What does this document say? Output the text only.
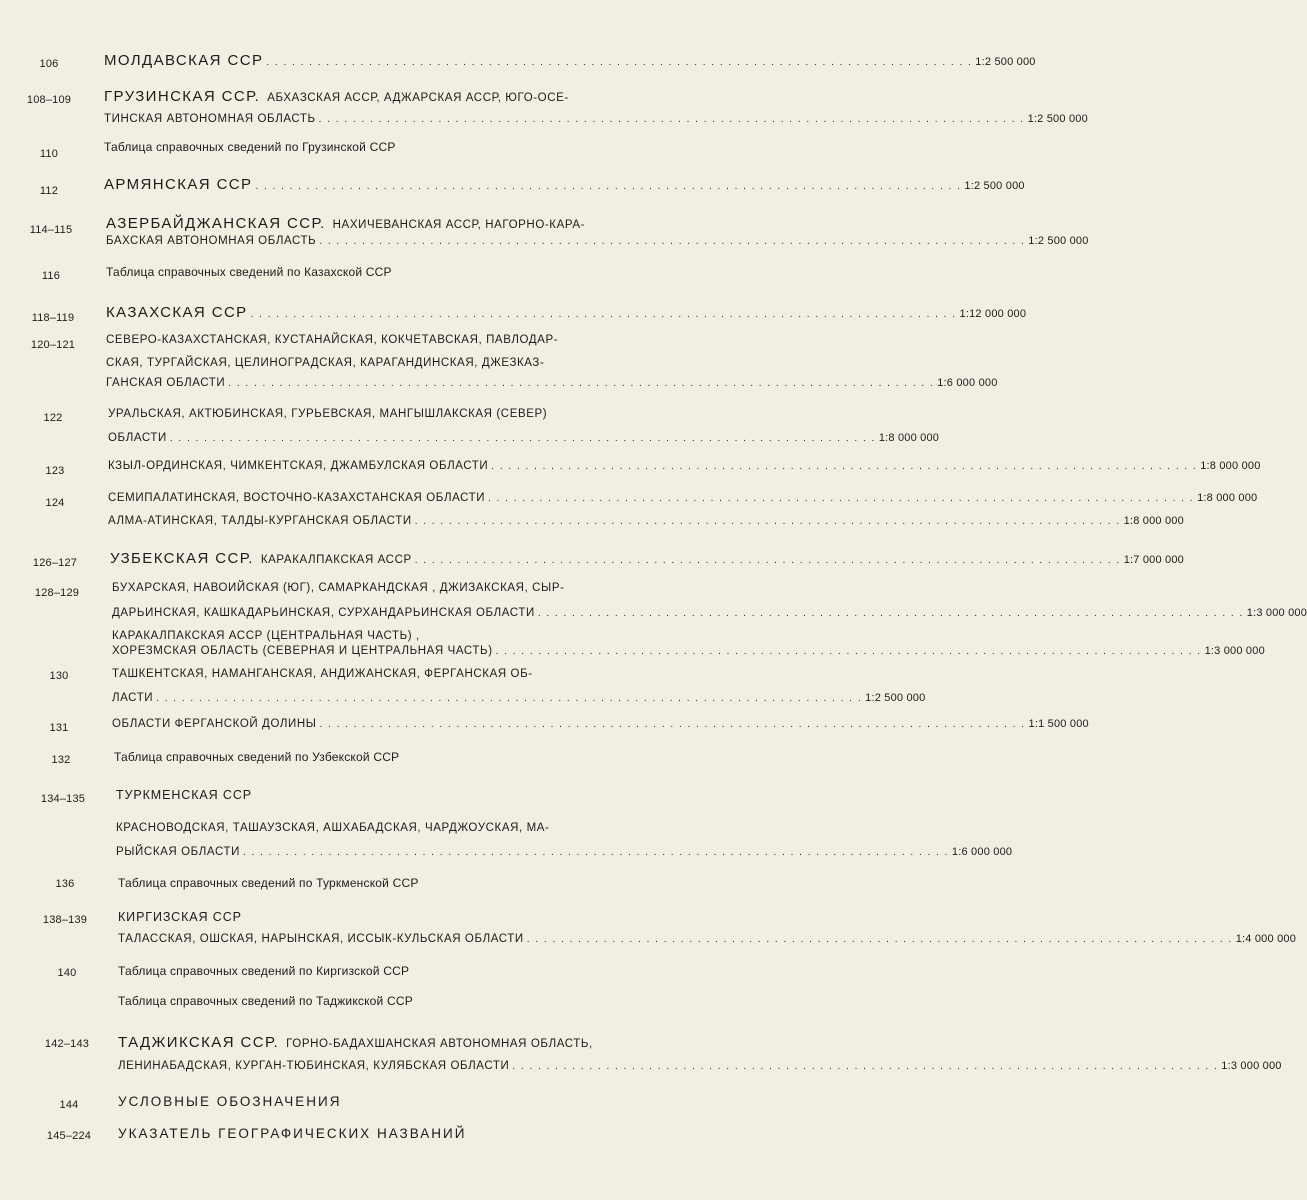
106	МОЛДАВСКАЯ ССР . . . . . . . . . . . . . . . . . . . . . . . . . . . . . . . . . . . . . . . . . . . . . . . . . . . . . . . . . . . . . . . . . . . . . . . . . . . . . . . . . . . 1:2 500 000
108–109	ГРУЗИНСКАЯ ССР. АБХАЗСКАЯ АССР, АДЖАРСКАЯ АССР, ЮГО-ОСЕ-
ТИНСКАЯ АВТОНОМНАЯ ОБЛАСТЬ . . . . . . . . . . . . . . . . . . . . . . . . . . . . . . . . . . . . . . . . . . . . . . . . . . . . . . . . . . . . . . . . . . . . . . . . . . . . . . . . . . . 1:2 500 000
110	Таблица справочных сведений по Грузинской ССР
112	АРМЯНСКАЯ ССР . . . . . . . . . . . . . . . . . . . . . . . . . . . . . . . . . . . . . . . . . . . . . . . . . . . . . . . . . . . . . . . . . . . . . . . . . . . . . . . . . . . 1:2 500 000
114–115	АЗЕРБАЙДЖАНСКАЯ ССР. НАХИЧЕВАНСКАЯ АССР, НАГОРНО-КАРА-
БАХСКАЯ АВТОНОМНАЯ ОБЛАСТЬ . . . . . . . . . . . . . . . . . . . . . . . . . . . . . . . . . . . . . . . . . . . . . . . . . . . . . . . . . . . . . . . . . . . . . . . . . . . . . . . . . . . 1:2 500 000
116	Таблица справочных сведений по Казахской ССР
118–119	КАЗАХСКАЯ ССР . . . . . . . . . . . . . . . . . . . . . . . . . . . . . . . . . . . . . . . . . . . . . . . . . . . . . . . . . . . . . . . . . . . . . . . . . . . . . . . . . . . 1:12 000 000
120–121	СЕВЕРО-КАЗАХСТАНСКАЯ, КУСТАНАЙСКАЯ, КОКЧЕТАВСКАЯ, ПАВЛОДАР-
СКАЯ, ТУРГАЙСКАЯ, ЦЕЛИНОГРАДСКАЯ, КАРАГАНДИНСКАЯ, ДЖЕЗКАЗ-
ГАНСКАЯ ОБЛАСТИ . . . . . . . . . . . . . . . . . . . . . . . . . . . . . . . . . . . . . . . . . . . . . . . . . . . . . . . . . . . . . . . . . . . . . . . . . . . . . . . . . . . 1:6 000 000
122	УРАЛЬСКАЯ, АКТЮБИНСКАЯ, ГУРЬЕВСКАЯ, МАНГЫШЛАКСКАЯ (СЕВЕР)
ОБЛАСТИ . . . . . . . . . . . . . . . . . . . . . . . . . . . . . . . . . . . . . . . . . . . . . . . . . . . . . . . . . . . . . . . . . . . . . . . . . . . . . . . . . . . 1:8 000 000
123	КЗЫЛ-ОРДИНСКАЯ, ЧИМКЕНТСКАЯ, ДЖАМБУЛСКАЯ ОБЛАСТИ . . . . . . . . . . . . . . . . . . . . . . . . . . . . . . . . . . . . . . . . . . . . . . . . . . . . . . . . . . . . . . . . . . . . . . . . . . . . . . . . . . . 1:8 000 000
124	СЕМИПАЛАТИНСКАЯ, ВОСТОЧНО-КАЗАХСТАНСКАЯ ОБЛАСТИ . . . . . . . . . . . . . . . . . . . . . . . . . . . . . . . . . . . . . . . . . . . . . . . . . . . . . . . . . . . . . . . . . . . . . . . . . . . . . . . . . . . 1:8 000 000
АЛМА-АТИНСКАЯ, ТАЛДЫ-КУРГАНСКАЯ ОБЛАСТИ . . . . . . . . . . . . . . . . . . . . . . . . . . . . . . . . . . . . . . . . . . . . . . . . . . . . . . . . . . . . . . . . . . . . . . . . . . . . . . . . . . . 1:8 000 000
126–127	УЗБЕКСКАЯ ССР. КАРАКАЛПАКСКАЯ АССР . . . . . . . . . . . . . . . . . . . . . . . . . . . . . . . . . . . . . . . . . . . . . . . . . . . . . . . . . . . . . . . . . . . . . . . . . . . . . . . . . . . 1:7 000 000
128–129	БУХАРСКАЯ, НАВОИЙСКАЯ (ЮГ), САМАРКАНДСКАЯ , ДЖИЗАКСКАЯ, СЫР-
ДАРЬИНСКАЯ, КАШКАДАРЬИНСКАЯ, СУРХАНДАРЬИНСКАЯ ОБЛАСТИ . . . . . . . . . . . . . . . . . . . . . . . . . . . . . . . . . . . . . . . . . . . . . . . . . . . . . . . . . . . . . . . . . . . . . . . . . . . . . . . . . . . 1:3 000 000
КАРАКАЛПАКСКАЯ АССР (ЦЕНТРАЛЬНАЯ ЧАСТЬ) ,
ХОРЕЗМСКАЯ ОБЛАСТЬ (СЕВЕРНАЯ И ЦЕНТРАЛЬНАЯ ЧАСТЬ) . . . . . . . . . . . . . . . . . . . . . . . . . . . . . . . . . . . . . . . . . . . . . . . . . . . . . . . . . . . . . . . . . . . . . . . . . . . . . . . . . . . 1:3 000 000
130	ТАШКЕНТСКАЯ, НАМАНГАНСКАЯ, АНДИЖАНСКАЯ, ФЕРГАНСКАЯ ОБ-
ЛАСТИ . . . . . . . . . . . . . . . . . . . . . . . . . . . . . . . . . . . . . . . . . . . . . . . . . . . . . . . . . . . . . . . . . . . . . . . . . . . . . . . . . . . 1:2 500 000
131	ОБЛАСТИ ФЕРГАНСКОЙ ДОЛИНЫ . . . . . . . . . . . . . . . . . . . . . . . . . . . . . . . . . . . . . . . . . . . . . . . . . . . . . . . . . . . . . . . . . . . . . . . . . . . . . . . . . . . 1:1 500 000
132	Таблица справочных сведений по Узбекской ССР
134–135	ТУРКМЕНСКАЯ ССР
КРАСНОВОДСКАЯ, ТАШАУЗСКАЯ, АШХАБАДСКАЯ, ЧАРДЖОУСКАЯ, МА-
РЫЙСКАЯ ОБЛАСТИ . . . . . . . . . . . . . . . . . . . . . . . . . . . . . . . . . . . . . . . . . . . . . . . . . . . . . . . . . . . . . . . . . . . . . . . . . . . . . . . . . . . 1:6 000 000
136	Таблица справочных сведений по Туркменской ССР
138–139	КИРГИЗСКАЯ ССР
ТАЛАССКАЯ, ОШСКАЯ, НАРЫНСКАЯ, ИССЫК-КУЛЬСКАЯ ОБЛАСТИ . . . . . . . . . . . . . . . . . . . . . . . . . . . . . . . . . . . . . . . . . . . . . . . . . . . . . . . . . . . . . . . . . . . . . . . . . . . . . . . . . . . 1:4 000 000
140	Таблица справочных сведений по Киргизской ССР
Таблица справочных сведений по Таджикской ССР
142–143	ТАДЖИКСКАЯ ССР. ГОРНО-БАДАХШАНСКАЯ АВТОНОМНАЯ ОБЛАСТЬ,
ЛЕНИНАБАДСКАЯ, КУРГАН-ТЮБИНСКАЯ, КУЛЯБСКАЯ ОБЛАСТИ . . . . . . . . . . . . . . . . . . . . . . . . . . . . . . . . . . . . . . . . . . . . . . . . . . . . . . . . . . . . . . . . . . . . . . . . . . . . . . . . . . . 1:3 000 000
144	УСЛОВНЫЕ ОБОЗНАЧЕНИЯ
145–224	УКАЗАТЕЛЬ ГЕОГРАФИЧЕСКИХ НАЗВАНИЙ
